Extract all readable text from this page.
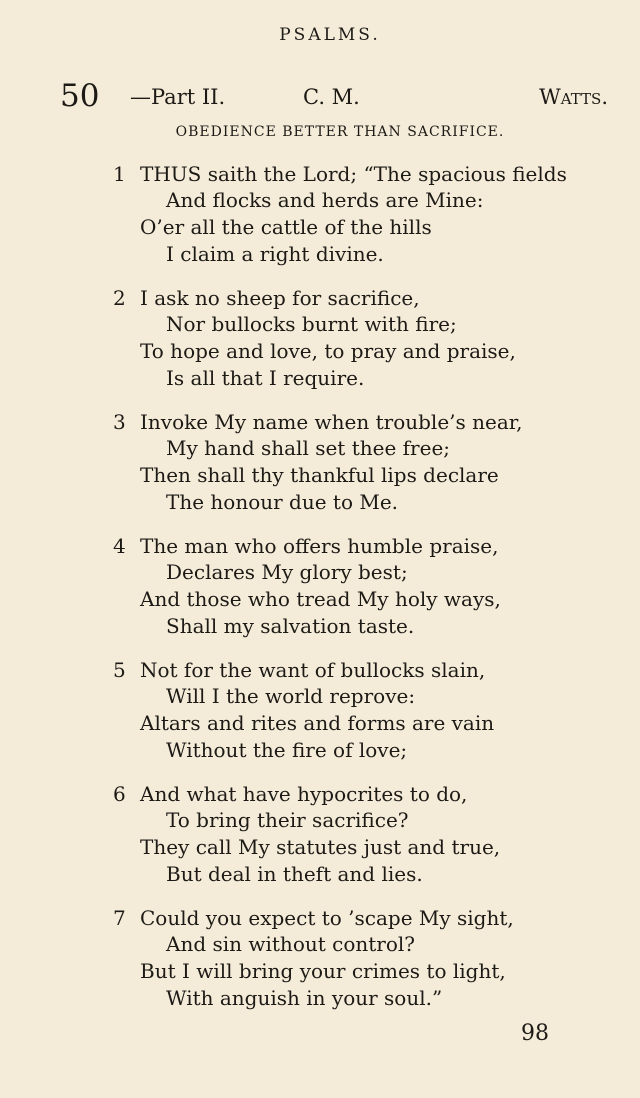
PSALMS.
50 —Part II.	C. M.	Watts.
OBEDIENCE BETTER THAN SACRIFICE.
1 THUS saith the Lord; “The spacious fields
And flocks and herds are Mine:
O’er all the cattle of the hills
I claim a right divine.
2 I ask no sheep for sacrifice,
Nor bullocks burnt with fire;
To hope and love, to pray and praise,
Is all that I require.
3 Invoke My name when trouble’s near,
My hand shall set thee free;
Then shall thy thankful lips declare
The honour due to Me.
4 The man who offers humble praise,
Declares My glory best;
And those who tread My holy ways,
Shall my salvation taste.
5 Not for the want of bullocks slain,
Will I the world reprove:
Altars and rites and forms are vain
Without the fire of love;
6 And what have hypocrites to do,
To bring their sacrifice?
They call My statutes just and true,
But deal in theft and lies.
7 Could you expect to ’scape My sight,
And sin without control?
But I will bring your crimes to light,
With anguish in your soul.”
98
